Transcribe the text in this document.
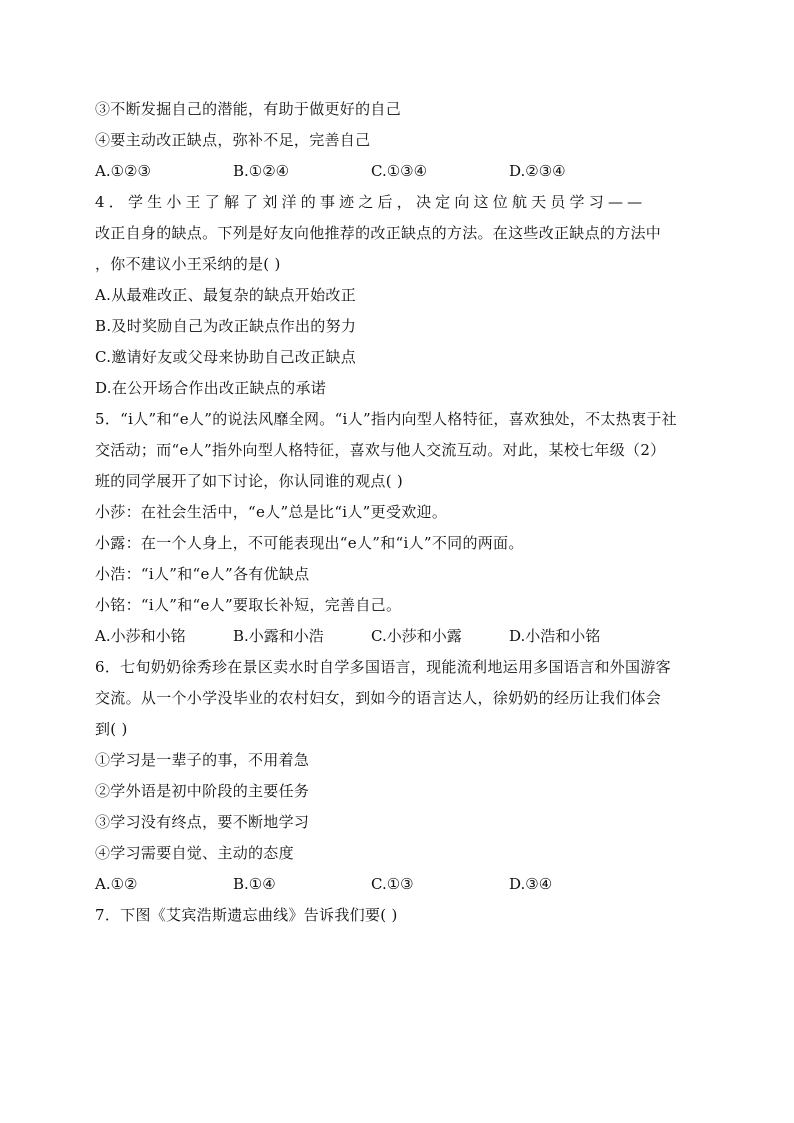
③不断发掘自己的潜能，有助于做更好的自己
④要主动改正缺点，弥补不足，完善自己
A.①②③	B.①②④	C.①③④	D.②③④
4．学生小王了解了刘洋的事迹之后，决定向这位航天员学习——
改正自身的缺点。下列是好友向他推荐的改正缺点的方法。在这些改正缺点的方法中
，你不建议小王采纳的是( )
A.从最难改正、最复杂的缺点开始改正
B.及时奖励自己为改正缺点作出的努力
C.邀请好友或父母来协助自己改正缺点
D.在公开场合作出改正缺点的承诺
5．“i人”和“e人”的说法风靡全网。“i人”指内向型人格特征，喜欢独处，不太热衷于社
交活动；而“e人”指外向型人格特征，喜欢与他人交流互动。对此，某校七年级（2）
班的同学展开了如下讨论，你认同谁的观点( )
小莎：在社会生活中，“e人”总是比“i人”更受欢迎。
小露：在一个人身上，不可能表现出“e人”和“i人”不同的两面。
小浩：“i人”和“e人”各有优缺点
小铭：“i人”和“e人”要取长补短，完善自己。
A.小莎和小铭	B.小露和小浩	C.小莎和小露	D.小浩和小铭
6．七旬奶奶徐秀珍在景区卖水时自学多国语言，现能流利地运用多国语言和外国游客
交流。从一个小学没毕业的农村妇女，到如今的语言达人，徐奶奶的经历让我们体会
到( )
①学习是一辈子的事，不用着急
②学外语是初中阶段的主要任务
③学习没有终点，要不断地学习
④学习需要自觉、主动的态度
A.①②	B.①④	C.①③	D.③④
7．下图《艾宾浩斯遗忘曲线》告诉我们要( )
